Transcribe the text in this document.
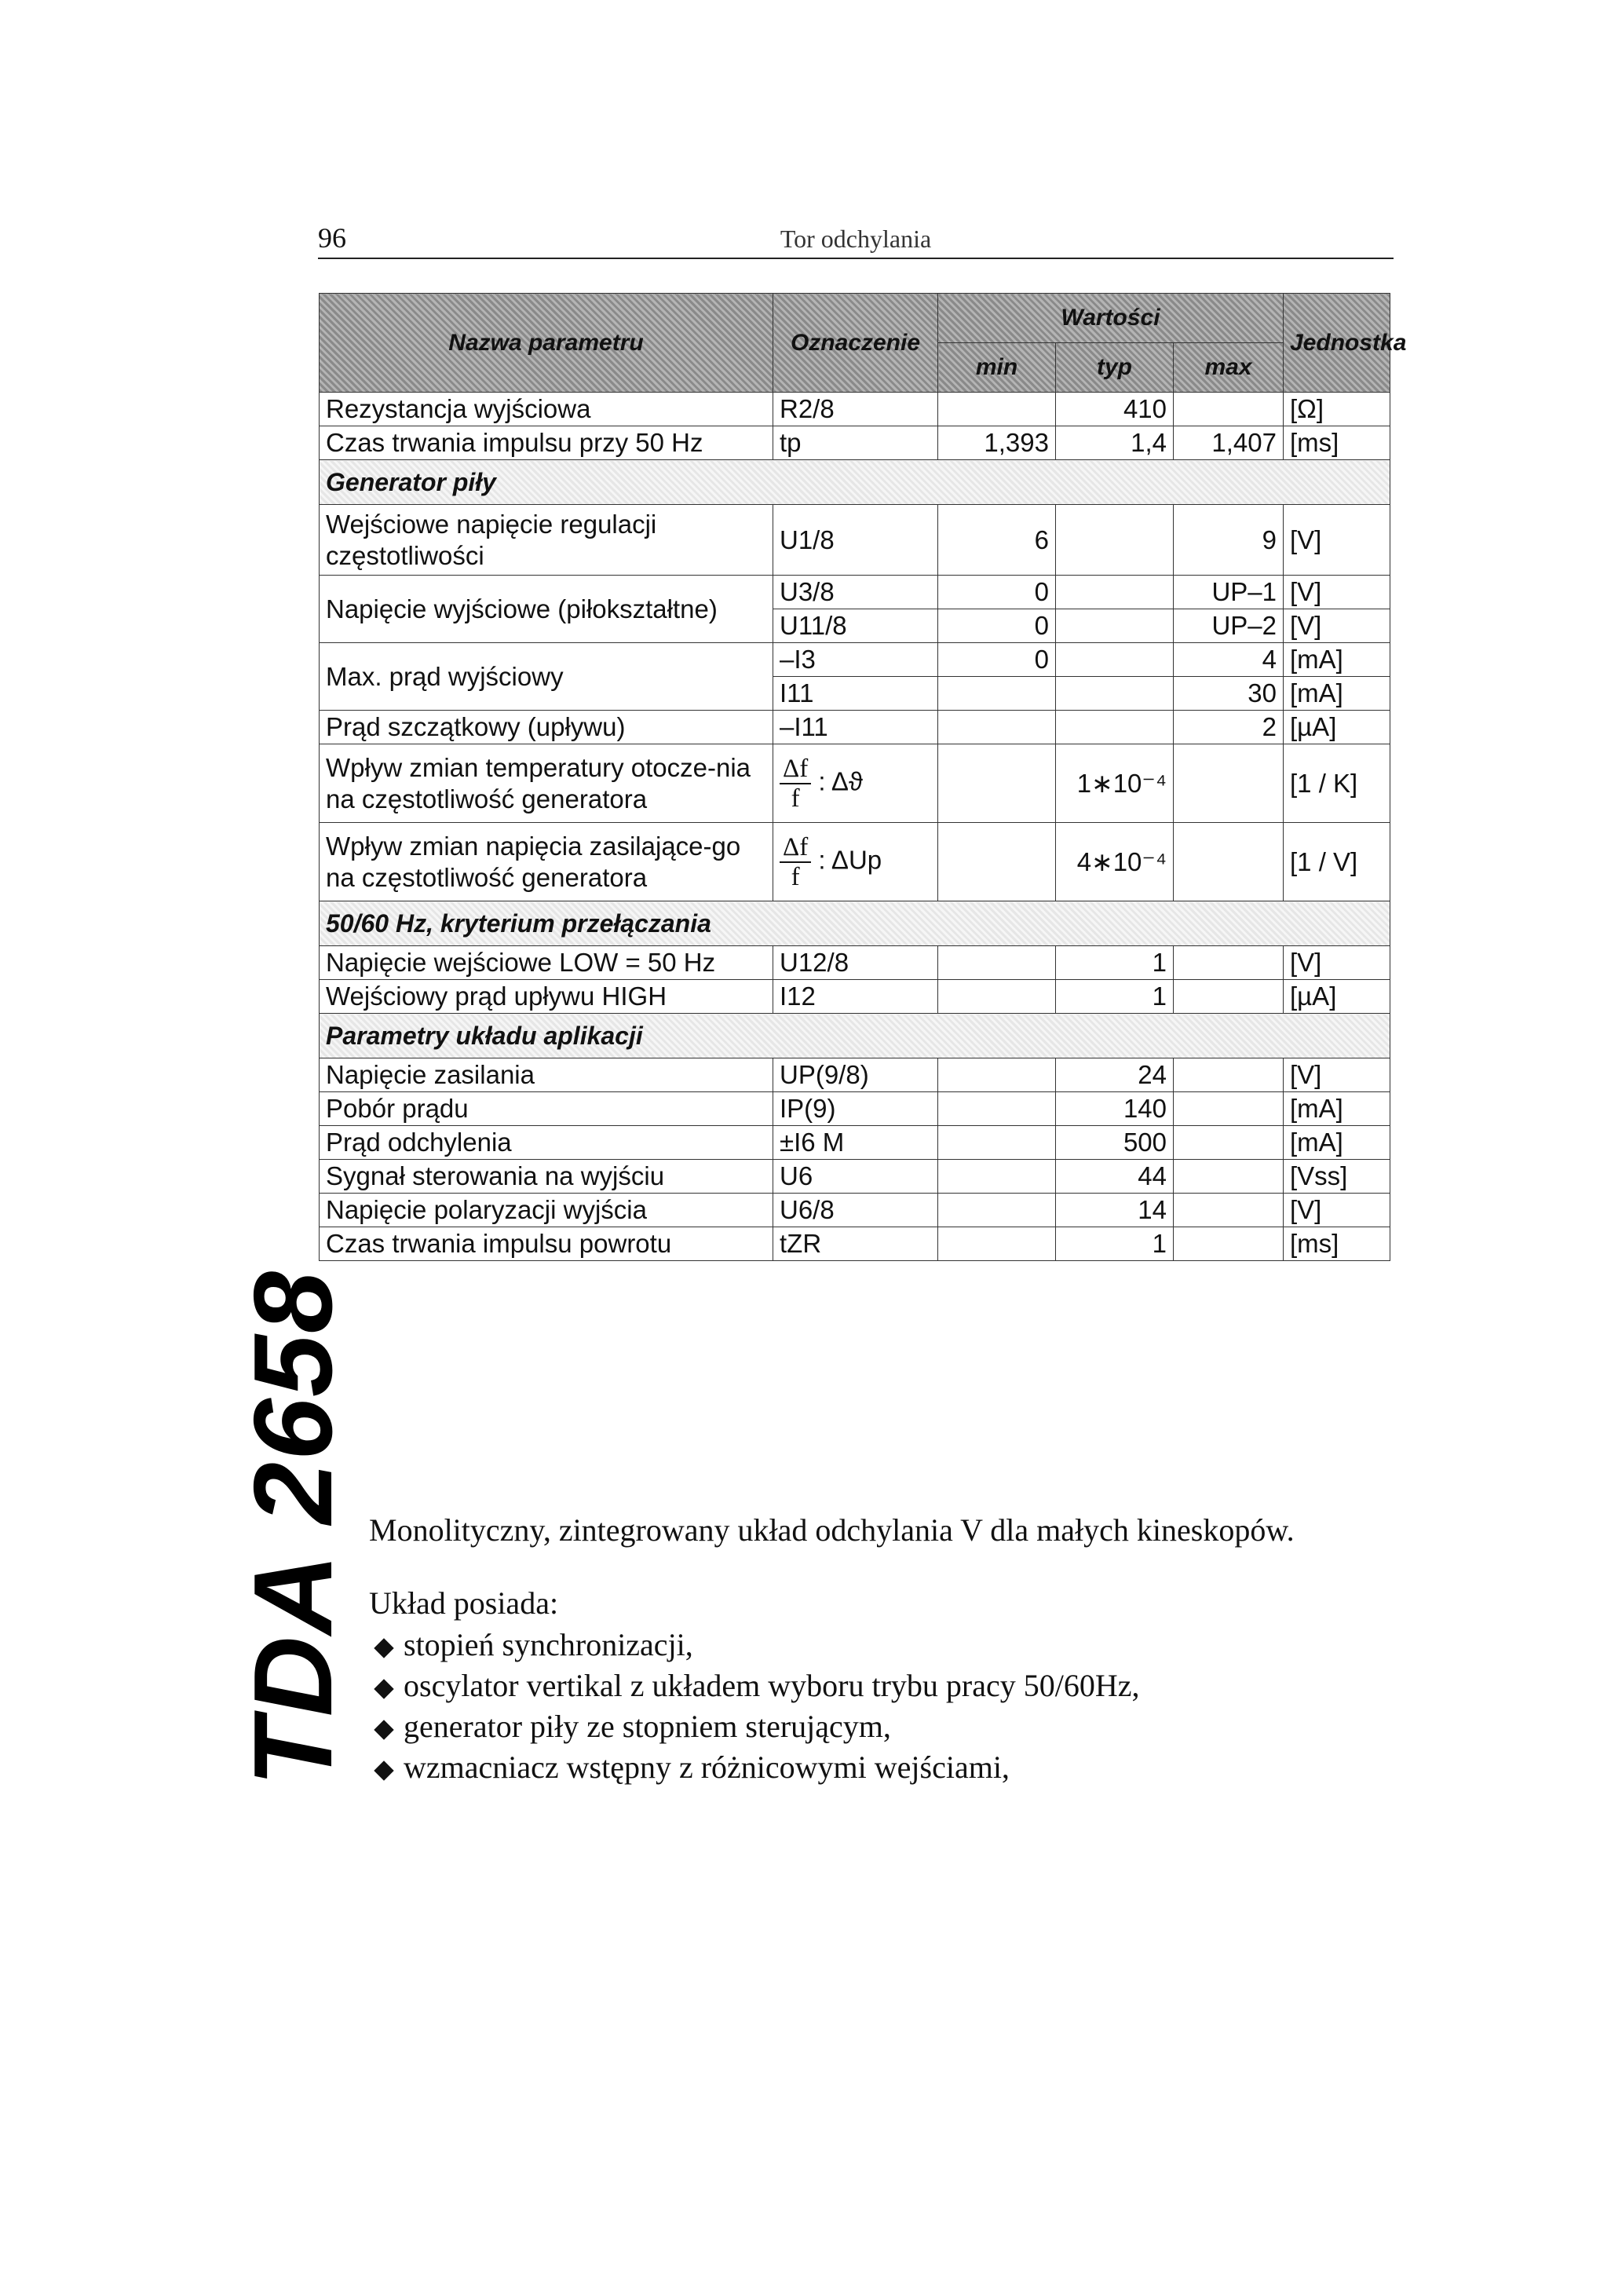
96	Tor odchylania
Nazwa parametru	Oznaczenie	Wartości			Jednostka
		min	typ	max	
Rezystancja wyjściowa	R2/8		410		[Ω]
Czas trwania impulsu przy 50 Hz	tp	1,393	1,4	1,407	[ms]
Generator piły					
Wejściowe napięcie regulacji częstotliwości	U1/8	6		9	[V]
Napięcie wyjściowe (piłokształtne)	U3/8	0		UP–1	[V]
	U11/8	0		UP–2	[V]
Max. prąd wyjściowy	–I3	0		4	[mA]
	I11			30	[mA]
Prąd szczątkowy (upływu)	–I11			2	[µA]
Wpływ zmian temperatury otocze-nia na częstotliwość generatora	$\frac{\Delta f}{f}$ : Δϑ		1∗10⁻⁴		[1 / K]
Wpływ zmian napięcia zasilające-go na częstotliwość generatora	$\frac{\Delta f}{f}$ : ΔUp		4∗10⁻⁴		[1 / V]
50/60 Hz, kryterium przełączania					
Napięcie wejściowe LOW = 50 Hz	U12/8		1		[V]
Wejściowy prąd upływu HIGH	I12		1		[µA]
Parametry układu aplikacji					
Napięcie zasilania	UP(9/8)		24		[V]
Pobór prądu	IP(9)		140		[mA]
Prąd odchylenia	±I6 M		500		[mA]
Sygnał sterowania na wyjściu	U6		44		[Vss]
Napięcie polaryzacji wyjścia	U6/8		14		[V]
Czas trwania impulsu powrotu	tZR		1		[ms]
TDA 2658 Monolityczny, zintegrowany układ odchylania V dla małych kineskopów.

Układ posiada:

stopień synchronizacji,
oscylator vertikal z układem wyboru trybu pracy 50/60Hz,
generator piły ze stopniem sterującym,
wzmacniacz wstępny z różnicowymi wejściami,
